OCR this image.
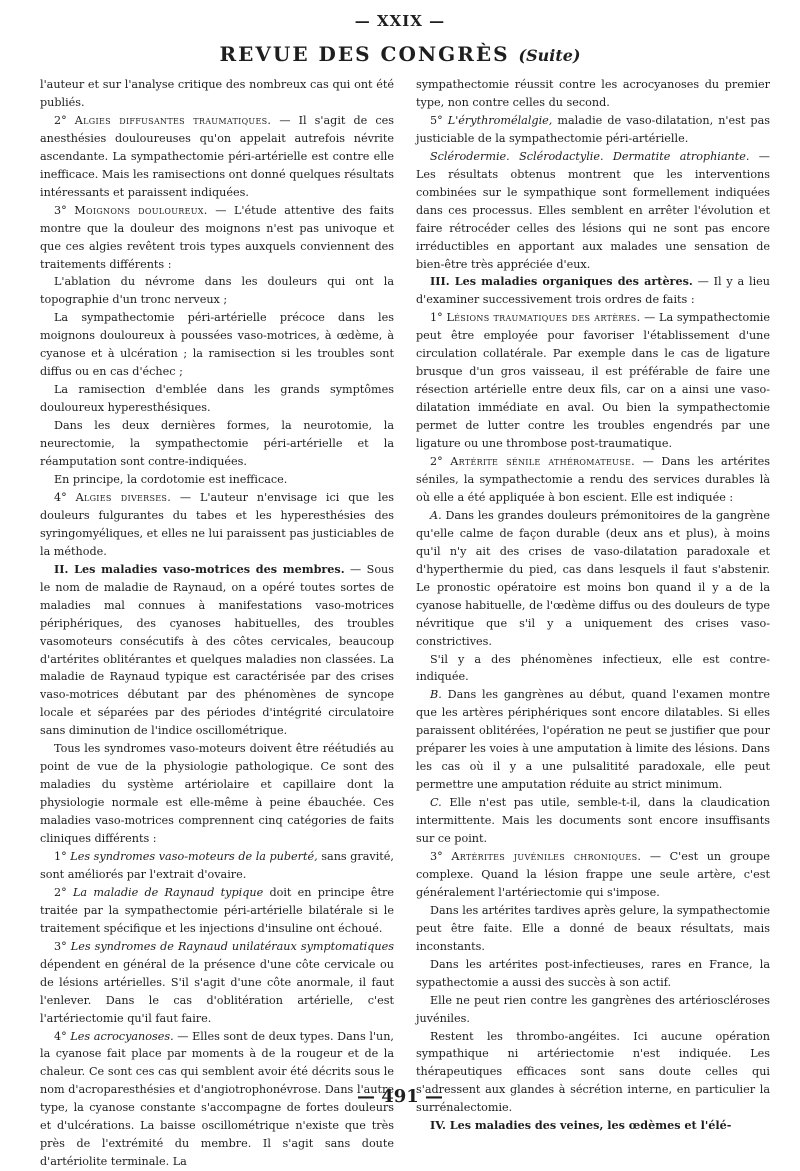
— XXIX —
REVUE DES CONGRÈS (Suite)

l'auteur et sur l'analyse critique des nombreux cas qui ont été publiés.

2° Algies diffusantes traumatiques. — Il s'agit de ces anesthésies douloureuses qu'on appelait autrefois névrite ascendante. La sympathectomie péri-artérielle est contre elle inefficace. Mais les ramisections ont donné quelques résultats intéressants et paraissent indiquées.

3° Moignons douloureux. — L'étude attentive des faits montre que la douleur des moignons n'est pas univoque et que ces algies revêtent trois types auxquels conviennent des traitements différents :

L'ablation du névrome dans les douleurs qui ont la topographie d'un tronc nerveux ;

La sympathectomie péri-artérielle précoce dans les moignons douloureux à poussées vaso-motrices, à œdème, à cyanose et à ulcération ; la ramisection si les troubles sont diffus ou en cas d'échec ;

La ramisection d'emblée dans les grands symptômes douloureux hyperesthésiques.

Dans les deux dernières formes, la neurotomie, la neurectomie, la sympathectomie péri-artérielle et la réamputation sont contre-indiquées.

En principe, la cordotomie est inefficace.

4° Algies diverses. — L'auteur n'envisage ici que les douleurs fulgurantes du tabes et les hyperesthésies des syringomyéliques, et elles ne lui paraissent pas justiciables de la méthode.

II. Les maladies vaso-motrices des membres. — Sous le nom de maladie de Raynaud, on a opéré toutes sortes de maladies mal connues à manifestations vaso-motrices périphériques, des cyanoses habituelles, des troubles vasomoteurs consécutifs à des côtes cervicales, beaucoup d'artérites oblitérantes et quelques maladies non classées. La maladie de Raynaud typique est caractérisée par des crises vaso-motrices débutant par des phénomènes de syncope locale et séparées par des périodes d'intégrité circulatoire sans diminution de l'indice oscillométrique.

Tous les syndromes vaso-moteurs doivent être réétudiés au point de vue de la physiologie pathologique. Ce sont des maladies du système artériolaire et capillaire dont la physiologie normale est elle-même à peine ébauchée. Ces maladies vaso-motrices comprennent cinq catégories de faits cliniques différents :

1° Les syndromes vaso-moteurs de la puberté, sans gravité, sont améliorés par l'extrait d'ovaire.

2° La maladie de Raynaud typique doit en principe être traitée par la sympathectomie péri-artérielle bilatérale si le traitement spécifique et les injections d'insuline ont échoué.

3° Les syndromes de Raynaud unilatéraux symptomatiques dépendent en général de la présence d'une côte cervicale ou de lésions artérielles. S'il s'agit d'une côte anormale, il faut l'enlever. Dans le cas d'oblitération artérielle, c'est l'artériectomie qu'il faut faire.

4° Les acrocyanoses. — Elles sont de deux types. Dans l'un, la cyanose fait place par moments à de la rougeur et de la chaleur. Ce sont ces cas qui semblent avoir été décrits sous le nom d'acroparesthésies et d'angiotrophonévrose. Dans l'autre type, la cyanose constante s'accompagne de fortes douleurs et d'ulcérations. La baisse oscillométrique n'existe que très près de l'extrémité du membre. Il s'agit sans doute d'artériolite terminale. La

sympathectomie réussit contre les acrocyanoses du premier type, non contre celles du second.

5° L'érythromélalgie, maladie de vaso-dilatation, n'est pas justiciable de la sympathectomie péri-artérielle.

Sclérodermie. Sclérodactylie. Dermatite atrophiante. — Les résultats obtenus montrent que les interventions combinées sur le sympathique sont formellement indiquées dans ces processus. Elles semblent en arrêter l'évolution et faire rétrocéder celles des lésions qui ne sont pas encore irréductibles en apportant aux malades une sensation de bien-être très appréciée d'eux.

III. Les maladies organiques des artères. — Il y a lieu d'examiner successivement trois ordres de faits :

1° Lésions traumatiques des artères. — La sympathectomie peut être employée pour favoriser l'établissement d'une circulation collatérale. Par exemple dans le cas de ligature brusque d'un gros vaisseau, il est préférable de faire une résection artérielle entre deux fils, car on a ainsi une vaso-dilatation immédiate en aval. Ou bien la sympathectomie permet de lutter contre les troubles engendrés par une ligature ou une thrombose post-traumatique.

2° Artérite sénile athéromateuse. — Dans les artérites séniles, la sympathectomie a rendu des services durables là où elle a été appliquée à bon escient. Elle est indiquée :

A. Dans les grandes douleurs prémonitoires de la gangrène qu'elle calme de façon durable (deux ans et plus), à moins qu'il n'y ait des crises de vaso-dilatation paradoxale et d'hyperthermie du pied, cas dans lesquels il faut s'abstenir. Le pronostic opératoire est moins bon quand il y a de la cyanose habituelle, de l'œdème diffus ou des douleurs de type névritique que s'il y a uniquement des crises vaso-constrictives.

S'il y a des phénomènes infectieux, elle est contre-indiquée.

B. Dans les gangrènes au début, quand l'examen montre que les artères périphériques sont encore dilatables. Si elles paraissent oblitérées, l'opération ne peut se justifier que pour préparer les voies à une amputation à limite des lésions. Dans les cas où il y a une pulsalitité paradoxale, elle peut permettre une amputation réduite au strict minimum.

C. Elle n'est pas utile, semble-t-il, dans la claudication intermittente. Mais les documents sont encore insuffisants sur ce point.

3° Artérites juvéniles chroniques. — C'est un groupe complexe. Quand la lésion frappe une seule artère, c'est généralement l'artériectomie qui s'impose.

Dans les artérites tardives après gelure, la sympathectomie peut être faite. Elle a donné de beaux résultats, mais inconstants.

Dans les artérites post-infectieuses, rares en France, la sypathectomie a aussi des succès à son actif.

Elle ne peut rien contre les gangrènes des artérioscléroses juvéniles.

Restent les thrombo-angéites. Ici aucune opération sympathique ni artériectomie n'est indiquée. Les thérapeutiques efficaces sont sans doute celles qui s'adressent aux glandes à sécrétion interne, en particulier la surrénalectomie.

IV. Les maladies des veines, les œdèmes et l'élé-

— 491 —
